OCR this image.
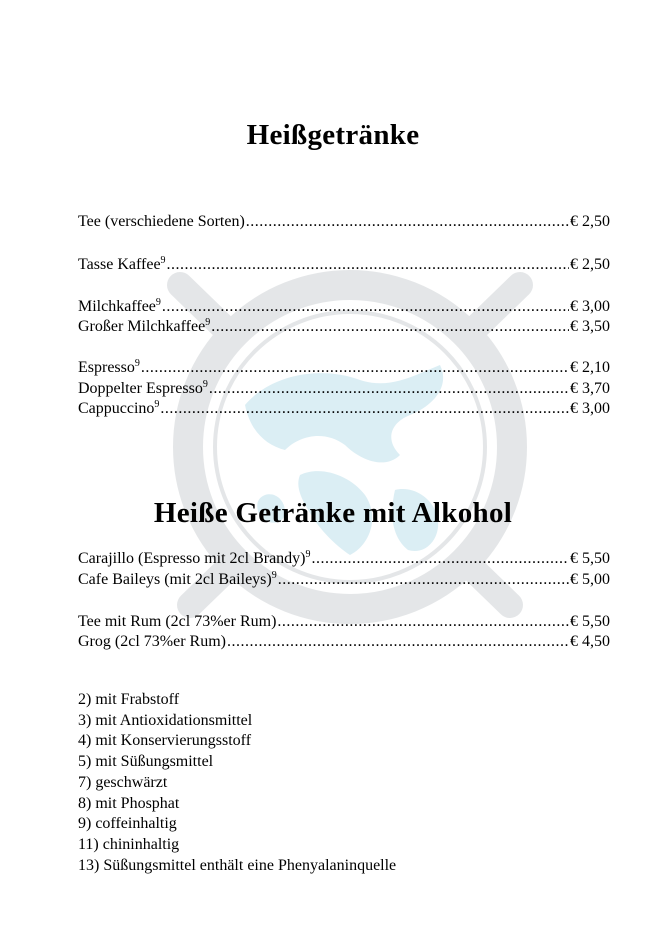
Heißgetränke
Tee (verschiedene Sorten) .....	€ 2,50
Tasse Kaffee$^9$ .....	€ 2,50
Milchkaffee$^9$ .....	€ 3,00
Großer Milchkaffee$^9$ .....	€ 3,50
Espresso$^9$ .....	€ 2,10
Doppelter Espresso$^9$ .....	€ 3,70
Cappuccino$^9$ .....	€ 3,00
Heiße Getränke mit Alkohol
Carajillo (Espresso mit 2cl Brandy)$^9$ .....	€ 5,50
Cafe Baileys (mit 2cl Baileys)$^9$ .....	€ 5,00
Tee mit Rum (2cl 73%er Rum) .....	€ 5,50
Grog (2cl 73%er Rum) .....	€ 4,50
2) mit Frabstoff
3) mit Antioxidationsmittel
4) mit Konservierungsstoff
5) mit Süßungsmittel
7) geschwärzt
8) mit Phosphat
9) coffeinhaltig
11) chininhaltig
13) Süßungsmittel enthält eine Phenyalaninquelle
